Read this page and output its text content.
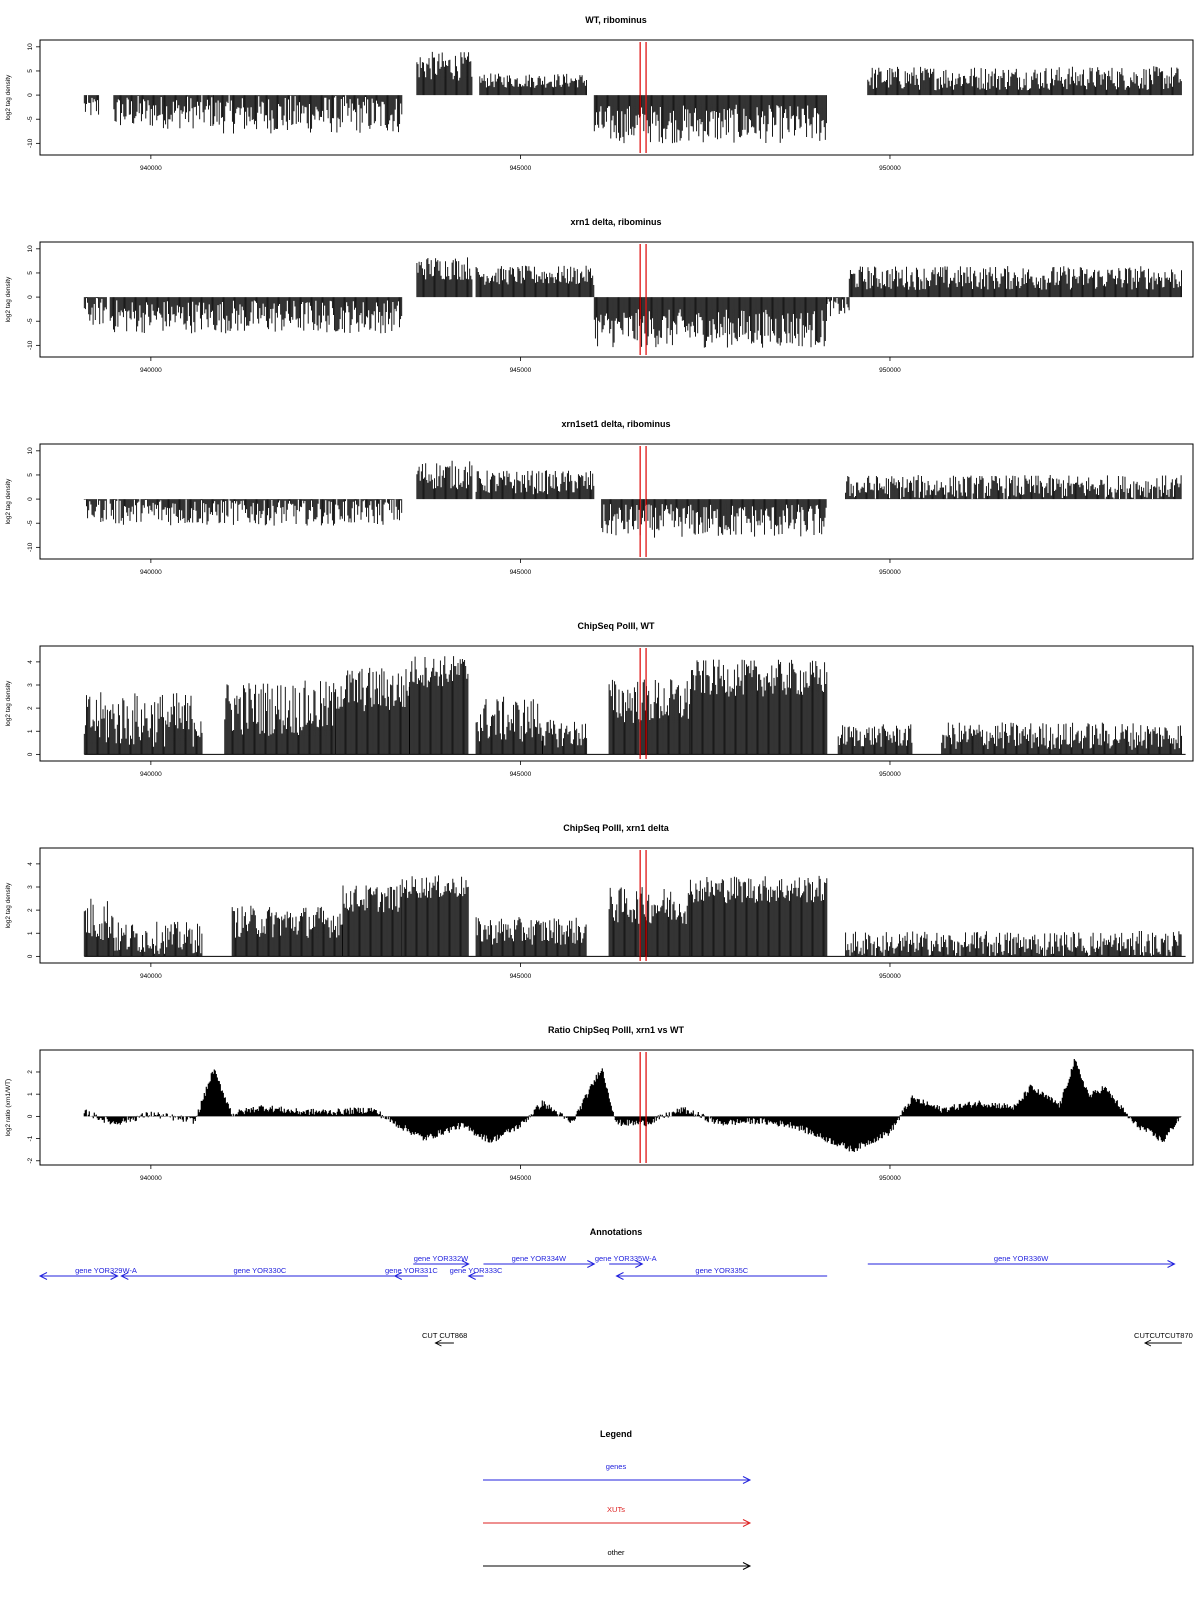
WT, ribominus
-10
-5
0
5
10
log2 tag density
940000	945000	950000
xrn1 delta, ribominus
-10
-5
0
5
10
log2 tag density
940000	945000	950000
xrn1set1 delta, ribominus
-10
-5
0
5
10
log2 tag density
940000	945000	950000
ChipSeq PolII, WT
0
1
2
3
4
log2 tag density
940000	945000	950000
ChipSeq PolII, xrn1 delta
0
1
2
3
4
log2 tag density
940000	945000	950000
Ratio ChipSeq PolII, xrn1 vs WT
-2
-1
0
1
2
log2 ratio (xrn1/WT)
940000	945000	950000
Annotations
gene YOR329W-A	gene YOR330C	gene YOR331C
gene YOR332W
gene YOR333C
gene YOR334W	gene YOR335W-A
gene YOR335C
gene YOR336W
CUT CUT868	CUTCUTCUT870
Legend
genes
XUTs
other
